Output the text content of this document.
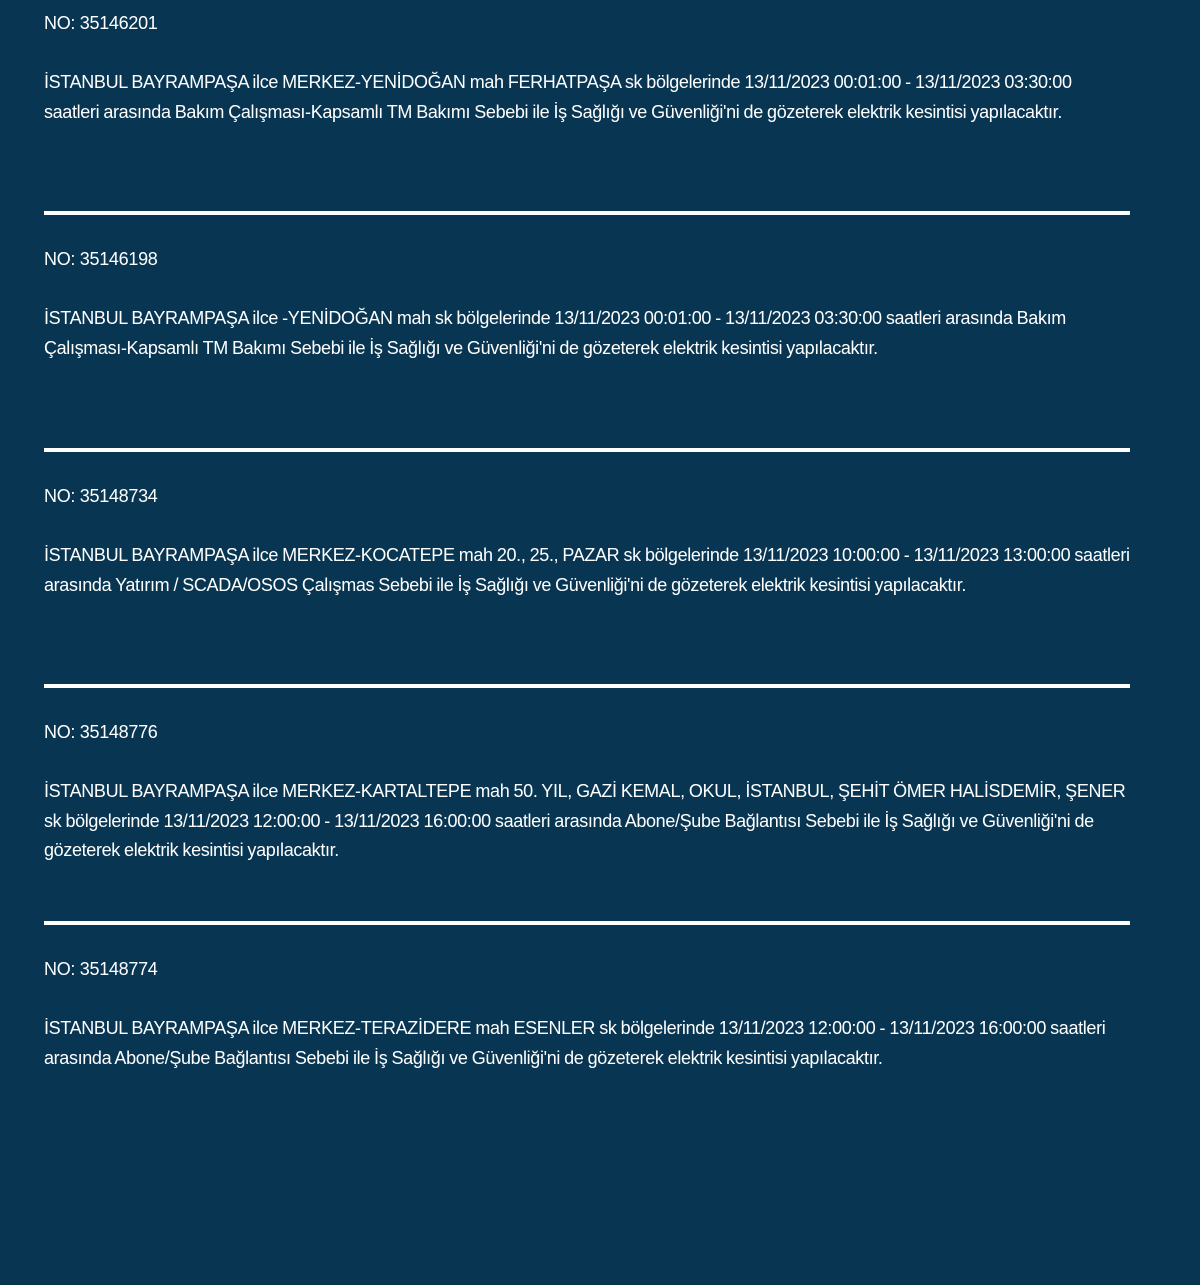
NO: 35146201

İSTANBUL BAYRAMPAŞA ilce MERKEZ-YENİDOĞAN mah FERHATPAŞA sk bölgelerinde 13/11/2023 00:01:00 - 13/11/2023 03:30:00 saatleri arasında Bakım Çalışması-Kapsamlı TM Bakımı Sebebi ile İş Sağlığı ve Güvenliği'ni de gözeterek elektrik kesintisi yapılacaktır.

NO: 35146198

İSTANBUL BAYRAMPAŞA ilce -YENİDOĞAN mah sk bölgelerinde 13/11/2023 00:01:00 - 13/11/2023 03:30:00 saatleri arasında Bakım Çalışması-Kapsamlı TM Bakımı Sebebi ile İş Sağlığı ve Güvenliği'ni de gözeterek elektrik kesintisi yapılacaktır.

NO: 35148734

İSTANBUL BAYRAMPAŞA ilce MERKEZ-KOCATEPE mah 20., 25., PAZAR sk bölgelerinde 13/11/2023 10:00:00 - 13/11/2023 13:00:00 saatleri arasında Yatırım / SCADA/OSOS Çalışmas Sebebi ile İş Sağlığı ve Güvenliği'ni de gözeterek elektrik kesintisi yapılacaktır.

NO: 35148776

İSTANBUL BAYRAMPAŞA ilce MERKEZ-KARTALTEPE mah 50. YIL, GAZİ KEMAL, OKUL, İSTANBUL, ŞEHİT ÖMER HALİSDEMİR, ŞENER sk bölgelerinde 13/11/2023 12:00:00 - 13/11/2023 16:00:00 saatleri arasında Abone/Şube Bağlantısı Sebebi ile İş Sağlığı ve Güvenliği'ni de gözeterek elektrik kesintisi yapılacaktır.

NO: 35148774

İSTANBUL BAYRAMPAŞA ilce MERKEZ-TERAZİDERE mah ESENLER sk bölgelerinde 13/11/2023 12:00:00 - 13/11/2023 16:00:00 saatleri arasında Abone/Şube Bağlantısı Sebebi ile İş Sağlığı ve Güvenliği'ni de gözeterek elektrik kesintisi yapılacaktır.
